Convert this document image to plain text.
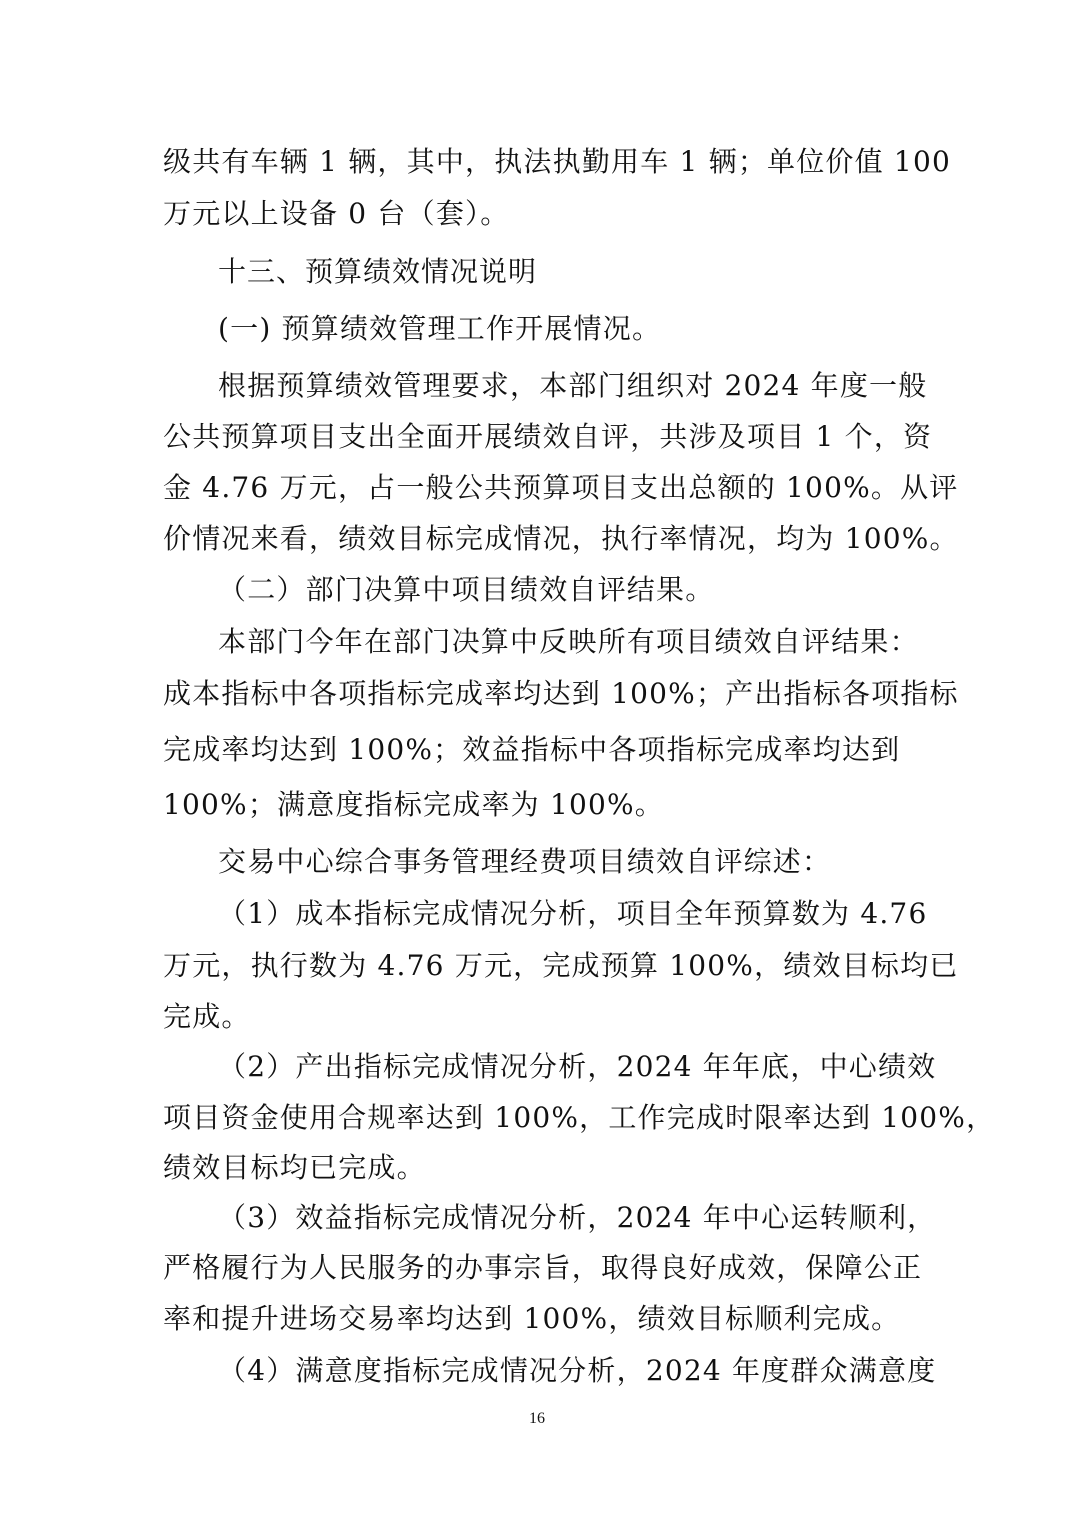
级共有车辆 1 辆，其中，执法执勤用车 1 辆；单位价值 100
万元以上设备 0 台（套）。
十三、预算绩效情况说明
(一) 预算绩效管理工作开展情况。
根据预算绩效管理要求，本部门组织对 2024 年度一般
公共预算项目支出全面开展绩效自评，共涉及项目 1 个，资
金 4.76 万元，占一般公共预算项目支出总额的 100%。从评
价情况来看，绩效目标完成情况，执行率情况，均为 100%。
（二）部门决算中项目绩效自评结果。
本部门今年在部门决算中反映所有项目绩效自评结果：
成本指标中各项指标完成率均达到 100%；产出指标各项指标
完成率均达到 100%；效益指标中各项指标完成率均达到
100%；满意度指标完成率为 100%。
交易中心综合事务管理经费项目绩效自评综述：
（1）成本指标完成情况分析，项目全年预算数为 4.76
万元，执行数为 4.76 万元，完成预算 100%，绩效目标均已
完成。
（2）产出指标完成情况分析，2024 年年底，中心绩效
项目资金使用合规率达到 100%，工作完成时限率达到 100%，
绩效目标均已完成。
（3）效益指标完成情况分析，2024 年中心运转顺利，
严格履行为人民服务的办事宗旨，取得良好成效，保障公正
率和提升进场交易率均达到 100%，绩效目标顺利完成。
（4）满意度指标完成情况分析，2024 年度群众满意度
16
